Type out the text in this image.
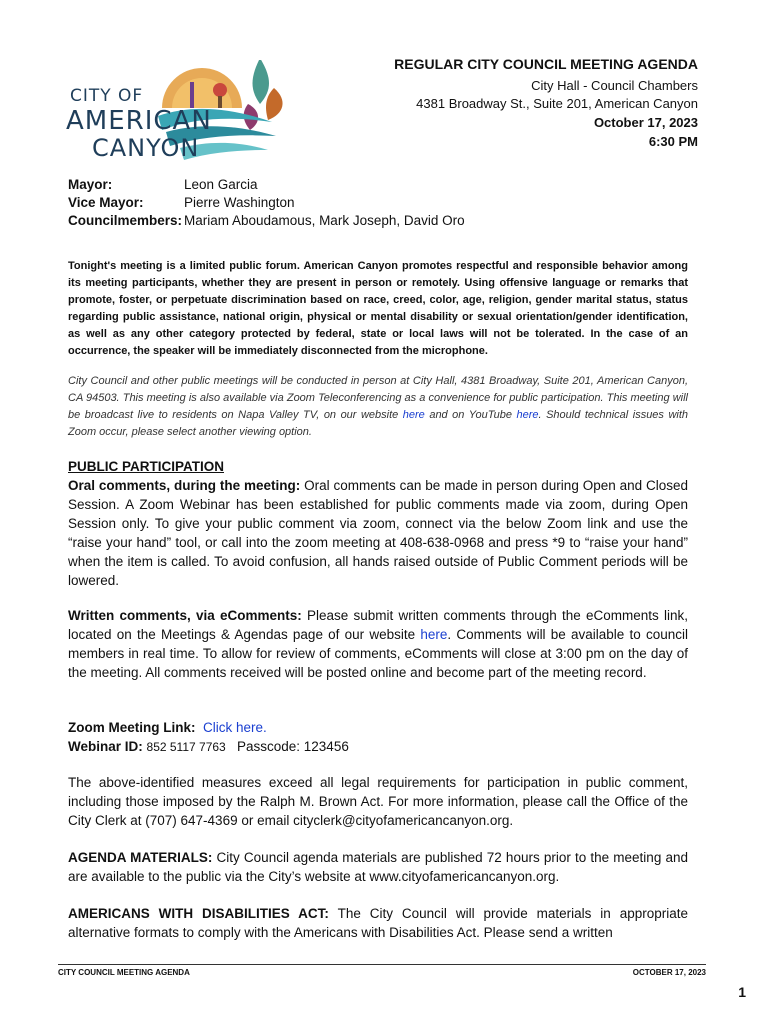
CITY OF
AMERICAN
CANYON
REGULAR CITY COUNCIL MEETING AGENDA
City Hall - Council Chambers
4381 Broadway St., Suite 201, American Canyon
October 17, 2023
6:30 PM
Mayor:	Leon Garcia
Vice Mayor:	Pierre Washington
Councilmembers: Mariam Aboudamous, Mark Joseph, David Oro
Tonight's meeting is a limited public forum. American Canyon promotes respectful and responsible behavior among its meeting participants, whether they are present in person or remotely. Using offensive language or remarks that promote, foster, or perpetuate discrimination based on race, creed, color, age, religion, gender marital status, status regarding public assistance, national origin, physical or mental disability or sexual orientation/gender identification, as well as any other category protected by federal, state or local laws will not be tolerated. In the case of an occurrence, the speaker will be immediately disconnected from the microphone.
City Council and other public meetings will be conducted in person at City Hall, 4381 Broadway, Suite 201, American Canyon, CA 94503. This meeting is also available via Zoom Teleconferencing as a convenience for public participation. This meeting will be broadcast live to residents on Napa Valley TV, on our website here and on YouTube here. Should technical issues with Zoom occur, please select another viewing option.
PUBLIC PARTICIPATION
Oral comments, during the meeting: Oral comments can be made in person during Open and Closed Session. A Zoom Webinar has been established for public comments made via zoom, during Open Session only. To give your public comment via zoom, connect via the below Zoom link and use the “raise your hand” tool, or call into the zoom meeting at 408-638-0968 and press *9 to “raise your hand” when the item is called. To avoid confusion, all hands raised outside of Public Comment periods will be lowered.
Written comments, via eComments: Please submit written comments through the eComments link, located on the Meetings & Agendas page of our website here. Comments will be available to council members in real time. To allow for review of comments, eComments will close at 3:00 pm on the day of the meeting. All comments received will be posted online and become part of the meeting record.
Zoom Meeting Link: Click here.
Webinar ID: 852 5117 7763 Passcode: 123456
The above-identified measures exceed all legal requirements for participation in public comment, including those imposed by the Ralph M. Brown Act. For more information, please call the Office of the City Clerk at (707) 647-4369 or email cityclerk@cityofamericancanyon.org.
AGENDA MATERIALS: City Council agenda materials are published 72 hours prior to the meeting and are available to the public via the City’s website at www.cityofamericancanyon.org.
AMERICANS WITH DISABILITIES ACT: The City Council will provide materials in appropriate alternative formats to comply with the Americans with Disabilities Act. Please send a written
CITY COUNCIL MEETING AGENDA	OCTOBER 17, 2023
1
